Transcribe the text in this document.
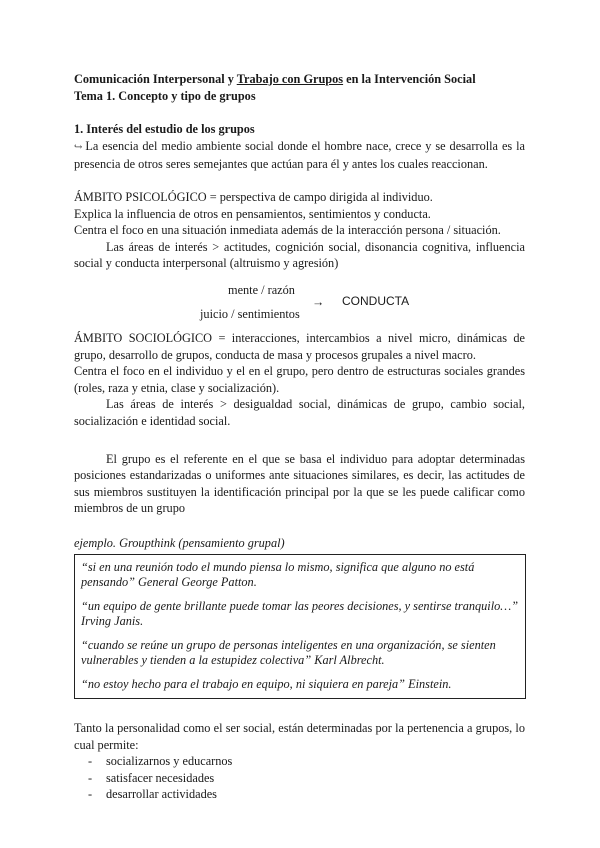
Comunicación Interpersonal y Trabajo con Grupos en la Intervención Social

Tema 1. Concepto y tipo de grupos

1. Interés del estudio de los grupos

↪ La esencia del medio ambiente social donde el hombre nace, crece y se desarrolla es la presencia de otros seres semejantes que actúan para él y antes los cuales reaccionan.

ÁMBITO PSICOLÓGICO = perspectiva de campo dirigida al individuo.

Explica la influencia de otros en pensamientos, sentimientos y conducta.

Centra el foco en una situación inmediata además de la interacción persona / situación.

Las áreas de interés > actitudes, cognición social, disonancia cognitiva, influencia social y conducta interpersonal (altruismo y agresión)

mente / razón
juicio / sentimientos
→ CONDUCTA

ÁMBITO SOCIOLÓGICO = interacciones, intercambios a nivel micro, dinámicas de grupo, desarrollo de grupos, conducta de masa y procesos grupales a nivel macro.

Centra el foco en el individuo y el en el grupo, pero dentro de estructuras sociales grandes (roles, raza y etnia, clase y socialización).

Las áreas de interés > desigualdad social, dinámicas de grupo, cambio social, socialización e identidad social.

El grupo es el referente en el que se basa el individuo para adoptar determinadas posiciones estandarizadas o uniformes ante situaciones similares, es decir, las actitudes de sus miembros sustituyen la identificación principal por la que se les puede calificar como miembros de un grupo

ejemplo. Groupthink (pensamiento grupal)

“si en una reunión todo el mundo piensa lo mismo, significa que alguno no está pensando” General George Patton.

“un equipo de gente brillante puede tomar las peores decisiones, y sentirse tranquilo…” Irving Janis.

“cuando se reúne un grupo de personas inteligentes en una organización, se sienten vulnerables y tienden a la estupidez colectiva” Karl Albrecht.

“no estoy hecho para el trabajo en equipo, ni siquiera en pareja” Einstein.

Tanto la personalidad como el ser social, están determinadas por la pertenencia a grupos, lo cual permite:

- socializarnos y educarnos
- satisfacer necesidades
- desarrollar actividades
